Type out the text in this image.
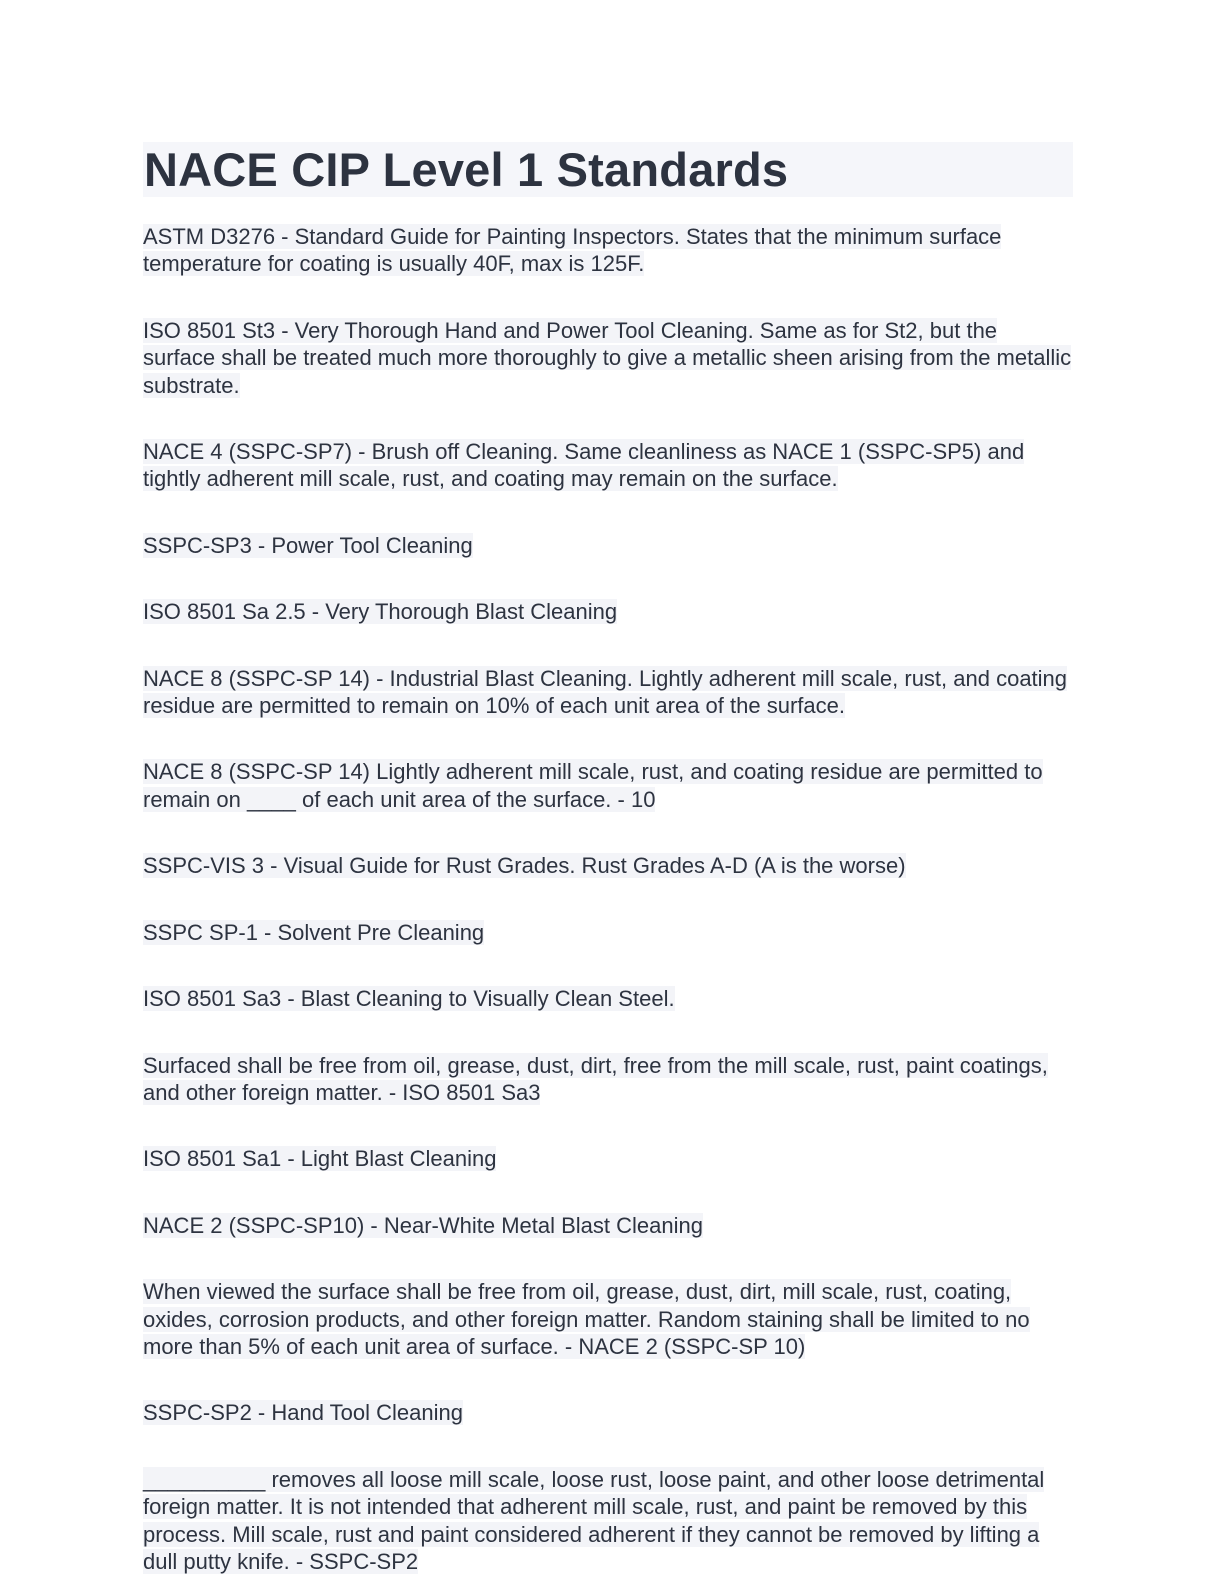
NACE CIP Level 1 Standards

ASTM D3276 - Standard Guide for Painting Inspectors. States that the minimum surface temperature for coating is usually 40F, max is 125F.

ISO 8501 St3 - Very Thorough Hand and Power Tool Cleaning. Same as for St2, but the surface shall be treated much more thoroughly to give a metallic sheen arising from the metallic substrate.

NACE 4 (SSPC-SP7) - Brush off Cleaning. Same cleanliness as NACE 1 (SSPC-SP5) and tightly adherent mill scale, rust, and coating may remain on the surface.

SSPC-SP3 - Power Tool Cleaning

ISO 8501 Sa 2.5 - Very Thorough Blast Cleaning

NACE 8 (SSPC-SP 14) - Industrial Blast Cleaning. Lightly adherent mill scale, rust, and coating residue are permitted to remain on 10% of each unit area of the surface.

NACE 8 (SSPC-SP 14) Lightly adherent mill scale, rust, and coating residue are permitted to remain on ____ of each unit area of the surface. - 10

SSPC-VIS 3 - Visual Guide for Rust Grades. Rust Grades A-D (A is the worse)

SSPC SP-1 - Solvent Pre Cleaning

ISO 8501 Sa3 - Blast Cleaning to Visually Clean Steel.

Surfaced shall be free from oil, grease, dust, dirt, free from the mill scale, rust, paint coatings, and other foreign matter. - ISO 8501 Sa3

ISO 8501 Sa1 - Light Blast Cleaning

NACE 2 (SSPC-SP10) - Near-White Metal Blast Cleaning

When viewed the surface shall be free from oil, grease, dust, dirt, mill scale, rust, coating, oxides, corrosion products, and other foreign matter. Random staining shall be limited to no more than 5% of each unit area of surface. - NACE 2 (SSPC-SP 10)

SSPC-SP2 - Hand Tool Cleaning

__________ removes all loose mill scale, loose rust, loose paint, and other loose detrimental foreign matter. It is not intended that adherent mill scale, rust, and paint be removed by this process. Mill scale, rust and paint considered adherent if they cannot be removed by lifting a dull putty knife. - SSPC-SP2
